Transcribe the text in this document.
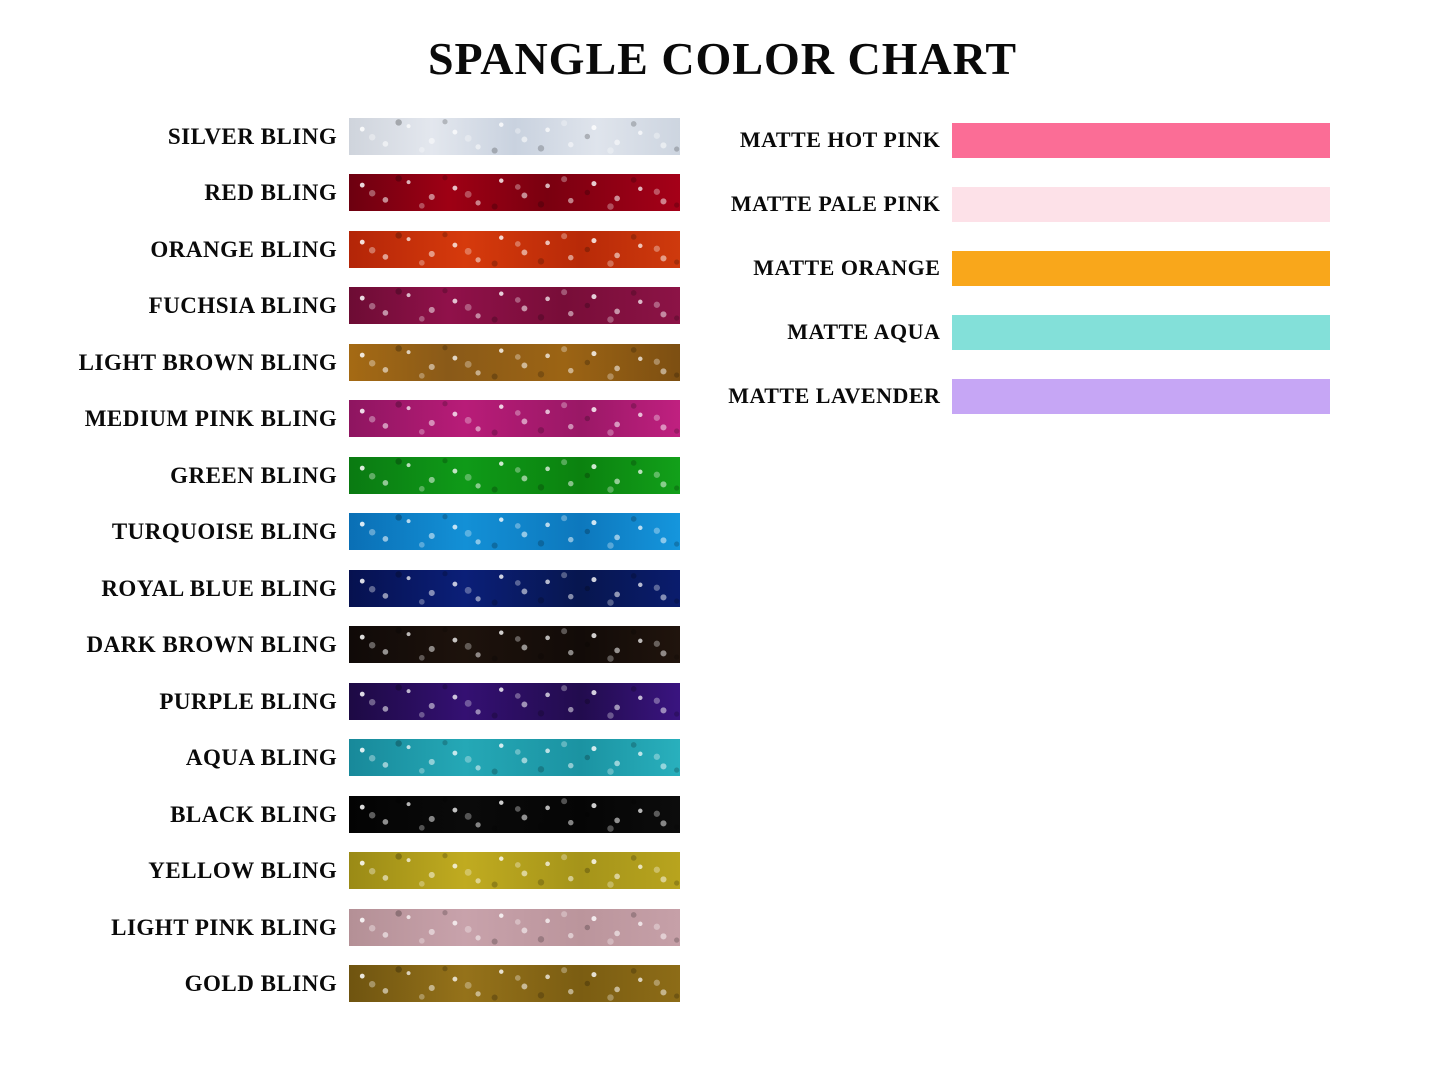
SPANGLE COLOR CHART
SILVER BLING
RED BLING
ORANGE BLING
FUCHSIA BLING
LIGHT BROWN BLING
MEDIUM PINK BLING
GREEN BLING
TURQUOISE BLING
ROYAL BLUE BLING
DARK BROWN BLING
PURPLE BLING
AQUA BLING
BLACK BLING
YELLOW BLING
LIGHT PINK BLING
GOLD BLING
MATTE HOT PINK
MATTE PALE PINK
MATTE ORANGE
MATTE AQUA
MATTE LAVENDER
